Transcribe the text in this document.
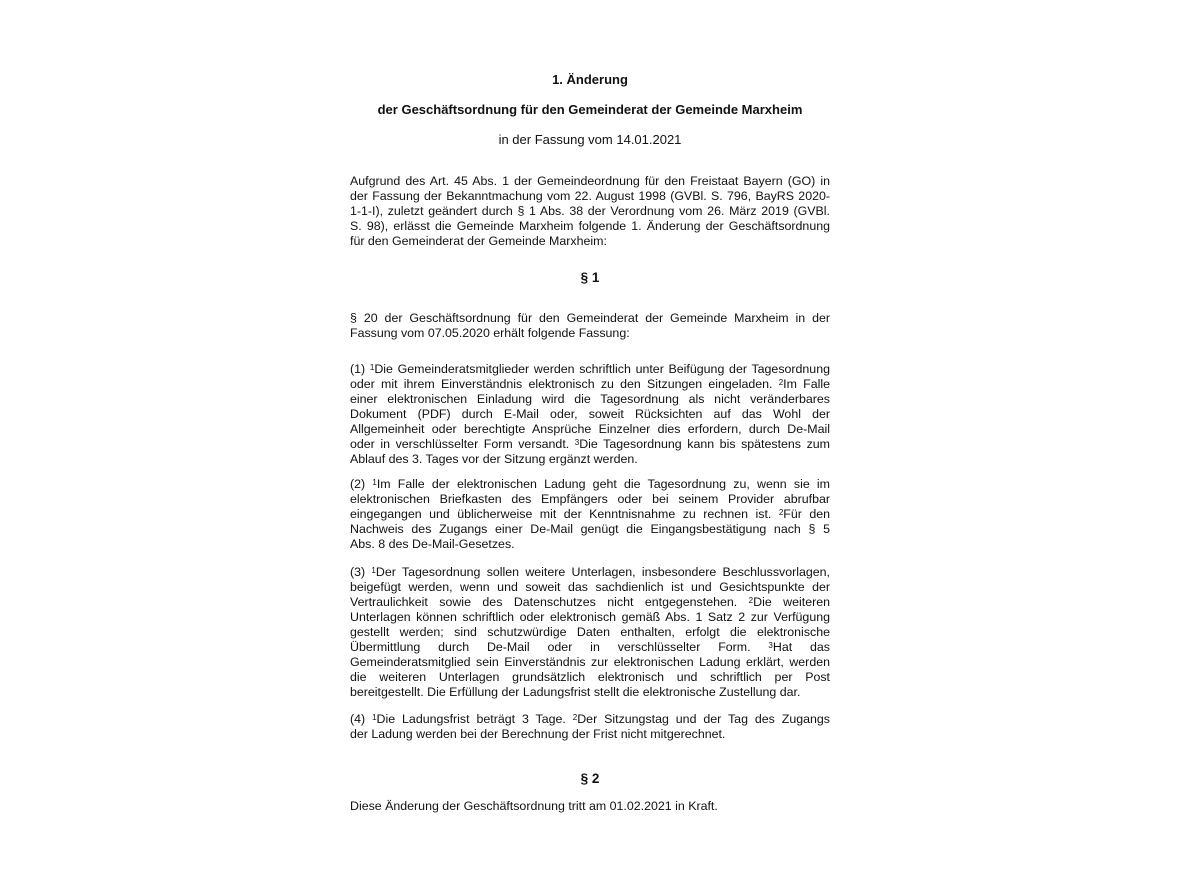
1. Änderung
der Geschäftsordnung für den Gemeinderat der Gemeinde Marxheim
in der Fassung vom 14.01.2021
Aufgrund des Art. 45 Abs. 1 der Gemeindeordnung für den Freistaat Bayern (GO) in
der Fassung der Bekanntmachung vom 22. August 1998 (GVBl. S. 796, BayRS 2020-
1-1-I), zuletzt geändert durch § 1 Abs. 38 der Verordnung vom 26. März 2019 (GVBl.
S. 98), erlässt die Gemeinde Marxheim folgende 1. Änderung der Geschäftsordnung
für den Gemeinderat der Gemeinde Marxheim:
§ 1
§ 20 der Geschäftsordnung für den Gemeinderat der Gemeinde Marxheim in der
Fassung vom 07.05.2020 erhält folgende Fassung:
(1) $^1$Die Gemeinderatsmitglieder werden schriftlich unter Beifügung der Tagesordnung
oder mit ihrem Einverständnis elektronisch zu den Sitzungen eingeladen. $^2$Im Falle
einer elektronischen Einladung wird die Tagesordnung als nicht veränderbares
Dokument (PDF) durch E-Mail oder, soweit Rücksichten auf das Wohl der
Allgemeinheit oder berechtigte Ansprüche Einzelner dies erfordern, durch De-Mail
oder in verschlüsselter Form versandt. $^3$Die Tagesordnung kann bis spätestens zum
Ablauf des 3. Tages vor der Sitzung ergänzt werden.
(2) $^1$Im Falle der elektronischen Ladung geht die Tagesordnung zu, wenn sie im
elektronischen Briefkasten des Empfängers oder bei seinem Provider abrufbar
eingegangen und üblicherweise mit der Kenntnisnahme zu rechnen ist. $^2$Für den
Nachweis des Zugangs einer De-Mail genügt die Eingangsbestätigung nach § 5
Abs. 8 des De-Mail-Gesetzes.
(3) $^1$Der Tagesordnung sollen weitere Unterlagen, insbesondere Beschlussvorlagen,
beigefügt werden, wenn und soweit das sachdienlich ist und Gesichtspunkte der
Vertraulichkeit sowie des Datenschutzes nicht entgegenstehen. $^2$Die weiteren
Unterlagen können schriftlich oder elektronisch gemäß Abs. 1 Satz 2 zur Verfügung
gestellt werden; sind schutzwürdige Daten enthalten, erfolgt die elektronische
Übermittlung durch De-Mail oder in verschlüsselter Form. $^3$Hat das
Gemeinderatsmitglied sein Einverständnis zur elektronischen Ladung erklärt, werden
die weiteren Unterlagen grundsätzlich elektronisch und schriftlich per Post
bereitgestellt. Die Erfüllung der Ladungsfrist stellt die elektronische Zustellung dar.
(4) $^1$Die Ladungsfrist beträgt 3 Tage. $^2$Der Sitzungstag und der Tag des Zugangs
der Ladung werden bei der Berechnung der Frist nicht mitgerechnet.
§ 2
Diese Änderung der Geschäftsordnung tritt am 01.02.2021 in Kraft.
